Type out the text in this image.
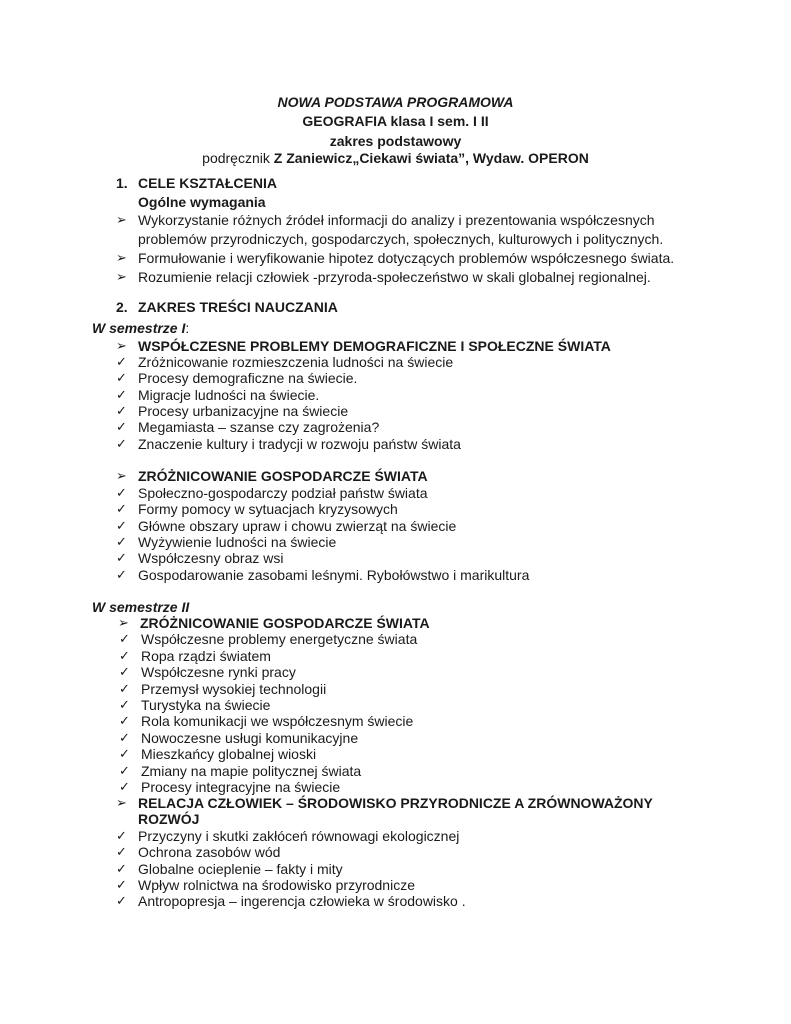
NOWA PODSTAWA PROGRAMOWA
GEOGRAFIA klasa I sem. I II
zakres podstawowy
podręcznik Z Zaniewicz„Ciekawi świata”, Wydaw. OPERON
1. CELE KSZTAŁCENIA
Ogólne wymagania
➢ Wykorzystanie różnych źródeł informacji do analizy i prezentowania współczesnych
problemów przyrodniczych, gospodarczych, społecznych, kulturowych i politycznych.
➢ Formułowanie i weryfikowanie hipotez dotyczących problemów współczesnego świata.
➢ Rozumienie relacji człowiek -przyroda-społeczeństwo w skali globalnej regionalnej.
2. ZAKRES TREŚCI NAUCZANIA
W semestrze I:
➢ WSPÓŁCZESNE PROBLEMY DEMOGRAFICZNE I SPOŁECZNE ŚWIATA
✓ Zróżnicowanie rozmieszczenia ludności na świecie
✓ Procesy demograficzne na świecie.
✓ Migracje ludności na świecie.
✓ Procesy urbanizacyjne na świecie
✓ Megamiasta – szanse czy zagrożenia?
✓ Znaczenie kultury i tradycji w rozwoju państw świata
➢ ZRÓŻNICOWANIE GOSPODARCZE ŚWIATA
✓ Społeczno-gospodarczy podział państw świata
✓ Formy pomocy w sytuacjach kryzysowych
✓ Główne obszary upraw i chowu zwierząt na świecie
✓ Wyżywienie ludności na świecie
✓ Współczesny obraz wsi
✓ Gospodarowanie zasobami leśnymi. Rybołówstwo i marikultura
W semestrze II
➢ ZRÓŻNICOWANIE GOSPODARCZE ŚWIATA
✓ Współczesne problemy energetyczne świata
✓ Ropa rządzi światem
✓ Współczesne rynki pracy
✓ Przemysł wysokiej technologii
✓ Turystyka na świecie
✓ Rola komunikacji we współczesnym świecie
✓ Nowoczesne usługi komunikacyjne
✓ Mieszkańcy globalnej wioski
✓ Zmiany na mapie politycznej świata
✓ Procesy integracyjne na świecie
➢ RELACJA CZŁOWIEK – ŚRODOWISKO PRZYRODNICZE A ZRÓWNOWAŻONY
ROZWÓJ
✓ Przyczyny i skutki zakłóceń równowagi ekologicznej
✓ Ochrona zasobów wód
✓ Globalne ocieplenie – fakty i mity
✓ Wpływ rolnictwa na środowisko przyrodnicze
✓ Antropopresja – ingerencja człowieka w środowisko .
